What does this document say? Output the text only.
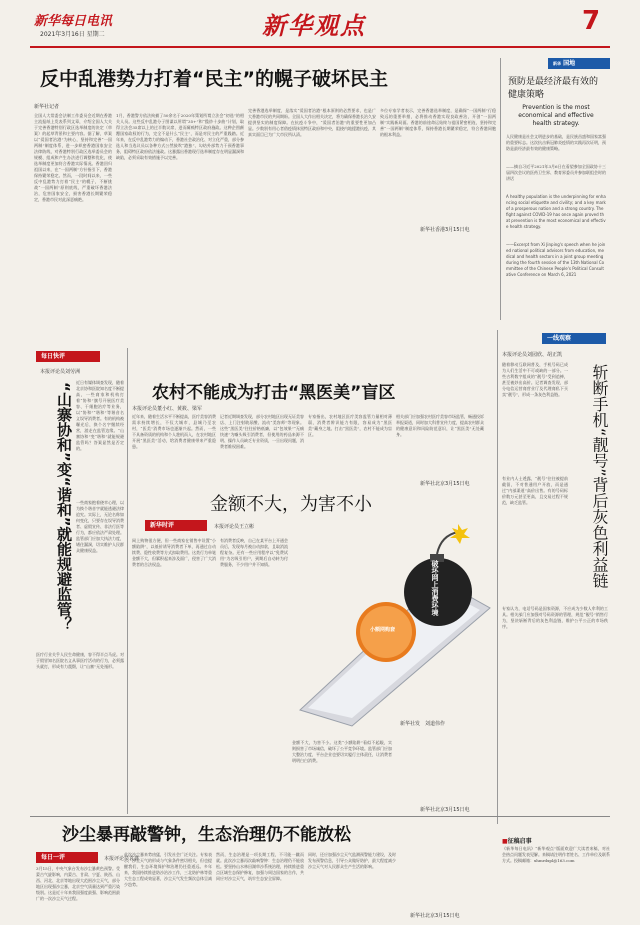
新华每日电讯
2021年3月16日 星期二	新华观点	7
反中乱港势力打着“民主”的幌子破坏民主
新华社记者
全国人大常委会法制工作委员会近期在香港主流报纸上发表系列文章，介绍全国人大关于完善香港特别行政区选举制度的决定（草案）的起草背景和主要内容。据了解，草案以“爱国者治港”为核心，坚持和完善“一国两制”制度体系，进一步织密香港国家安全法律防线，对香港特别行政区选举委员会的规模、组成和产生办法进行调整和优化，使选举制度更加符合香港实际情况。香港回归祖国以来，在“一国两制”方针指引下，香港保持繁荣稳定。然而，一段时间以来，一些反中乱港势力打着“民主”的幌子，不断挑战“一国两制”原则底线，严重破坏香港法治，危害国家安全，损害香港长期繁荣稳定，香港市民对此深恶痛绝。
1月，香港警方依法拘捕了50余名于2020年策划所谓立法会“初选”的相关人员。这些反中乱港分子图谋以所谓“35+”和“揽炒十步曲”计划，取得立法会35席以上的过半数议席，进而瘫痪特区政府施政。这种企图颠覆国家政权的行为，完全不是什么“民主”，而是对民主的严重践踏。近年来，在反中乱港势力的煽动下，香港社会政治化、对立化严重，部分参选人和当选议员以各种方式公然鼓吹“港独”、勾结外部势力干预香港事务，阻碍特区政府依法施政。这暴露出香港现行选举制度存在明显漏洞和缺陷，必须采取有效措施予以完善。
完善香港选举制度，是落实“爱国者治港”根本原则的必然要求，也是广大香港市民的共同期盼。全国人大作出相关决定，将为确保香港长治久安提供坚实的制度保障。在抗疫斗争中，“爱国者治港”的重要性更加凸显。少数别有用心者借疫情抹黑特区政府和中央，阻挠内地援港抗疫，其真实面目已为广大市民所认清。
多位专家学者表示，完善香港选举制度，是确保“一国两制”行稳致远的重要举措，必将推动香港实现良政善治，开创“一国两制”实践新局面。香港的前途命运始终与祖国紧密相连，坚持和完善“一国两制”制度体系，保持香港长期繁荣稳定，符合香港同胞的根本利益。
新华社香港3月15日电
新华 国地
预防是最经济最有效的健康策略
Prevention is the most
economical and effective
health strategy.
人民健康是社会文明进步的基础，是民族昌盛和国家富强的重要标志。这次抗击新冠肺炎疫情的实践再次证明，预防是最经济最有效的健康策略。
——摘自习近平2021年3月6日在看望参加全国政协十三届四次会议的医药卫生界、教育界委员并参加联组会时的讲话
A healthy population is the underpinning for enhancing social etiquette and civility; and a key mark of a prosperous nation and a strong country. The fight against COVID-19 has once again proved that prevention is the most economical and effective health strategy.
——Excerpt from Xi Jinping's speech when he joined national political advisors from education, medical and health sectors in a joint group meeting during the fourth session of the 13th National Committee of the Chinese People's Political Consultative Conference on March 6, 2021
每日快评
本报评论员刘劳洲
“山寨协和”变“谐和”就能规避监管？ 近日有媒体调查发现，随着北京协和医院知名度不断提高，一些商家和机构打着“协和”旗号开展医疗美容、干细胞治疗等业务，以“协和”“谐和”等谐音名义误导消费者。有的机构被曝光后，换个名字继续经营，游走在监管边缘。“山寨协和”变“谐和”就能规避监管吗？答案显然是否定的。
一些商家抱着侥幸心理，以为换个谐音字就能逃避法律追究。实际上，无论名称如何变化，只要存在误导消费者、虚假宣传、非法行医等行为，都应依法严肃处理。监管部门应加大执法力度，堵住漏洞，切实维护人民群众健康权益。
医疗行业关乎人民生命健康，容不得半点马虎。对于假冒知名医院名义从事医疗活动的行为，必须露头就打，形成有力震慑，让“山寨”无处遁形。
农村不能成为打击“黑医美”盲区
本报评论员董小红、黄筱、梁军
近年来，随着生活水平不断提高，医疗美容消费需求持续增长，不仅大城市，县城乃至农村，“医美”消费市场也逐渐兴起。然而，一些不具备资质的机构和个人趁机而入，在农村地区开展“黑医美”活动，给消费者健康带来严重隐患。
记者近期调查发现，部分农村地区出现无证美容店、上门注射玻尿酸、流动“美容师”等现象。这些“黑医美”往往价格低廉，以“包效果”“无痛快速”为噱头吸引消费者，但使用的药品来源不明、操作人员缺乏专业资质，一旦出现问题，消费者维权困难。
专家指出，农村地区医疗美容监管力量相对薄弱，消费者辨识能力有限，容易成为“黑医美”藏身之地。打击“黑医美”，农村不能成为盲区。
相关部门应加强农村医疗美容市场监管，畅通投诉举报渠道，同时加大科普宣传力度，提高农村群众的健康意识和风险防范意识，让“黑医美”无处藏身。
新华社北京3月15日电
一线观察
本报评论员刘园欣、胡正凯
斩断手机“靓号”背后灰色利益链
随着移动互联网普及，手机号码已成为人们生活中不可或缺的一部分。一些吉利数字组成的“靓号”受到追捧，甚至被炒出高价。记者调查发现，部分电信运营商营业厅及代理商私下买卖“靓号”，形成一条灰色利益链。
有业内人士透露，“靓号”往往被提前截留，不对普通用户开放，而是通过“内部渠道”高价出售。有的号码标价数万元甚至更高，且交易过程不规范，缺乏监管。
专家认为，电话号码是国家资源，不应成为少数人牟利的工具。相关部门应加强对号码资源的管理，规范“靓号”销售行为，坚决斩断背后的灰色利益链，维护公平公正的市场秩序。
金额不大，为害不小
新华时评	本报评论员王立彬
网上购物很方便，但一些商家在销售中设置“小额陷阱”，以低价诱导消费者下单，再通过自动续费、隐性收费等方式扣取费用。这类行为单笔金额不大，但累积起来涉及面广，侵害了广大消费者的合法权益。
有消费者反映，自己在某平台上开通会员后，发现每月被自动扣款，且取消流程复杂。还有一些应用程序以“免费试用”为名吸引用户，到期后自动转为付费服务，不少用户并不知情。
金额不大，为害不小。这类“小额陷阱”看似不起眼，实则损害了市场诚信，破坏了公平竞争环境。监管部门应加大整治力度，平台企业也要切实履行主体责任，让消费者明明白白消费。
新华社北京3月15日电
小额网购套
破坏网上消费环境
新华社发　刘道伟作
沙尘暴再敲警钟，生态治理仍不能放松
每日一评	本报评论员袁鑫
3月15日，中央气象台发布沙尘暴黄色预警。受蒙古气旋影响，内蒙古、甘肃、宁夏、陕西、山西、河北、北京等地出现大范围沙尘天气，部分地区出现强沙尘暴，北京空气质量达到严重污染级别。这是近十年来我国强度最强、影响范围最广的一次沙尘天气过程。
此次沙尘暴来势凶猛，引发社会广泛关注。专家表示，沙尘天气的形成与气象条件密切相关，但也提醒我们，生态环境保护和治理仍任重道远。多年来，我国持续推进防沙治沙工作，三北防护林等重大生态工程成效显著，沙尘天气发生频次总体呈减少趋势。
然而，生态治理是一项长期工程，不可能一蹴而就。此次沙尘暴再次敲响警钟：生态治理仍不能放松。要坚持山水林田湖草沙系统治理，持续推进重点区域生态保护修复，加强与周边国家的合作，共同应对沙尘天气，筑牢生态安全屏障。
同时，还应加强沙尘天气监测预警能力建设，及时发布预警信息，引导公众做好防护，最大程度减少沙尘天气对人民群众生产生活的影响。
新华社北京3月15日电
■征稿启事
《新华每日电讯》“新华观点”版面欢迎广大读者来稿，对社会热点问题发表见解。来稿请注明作者姓名、工作单位及联系方式。投稿邮箱：xhmrdxpl@163.com
